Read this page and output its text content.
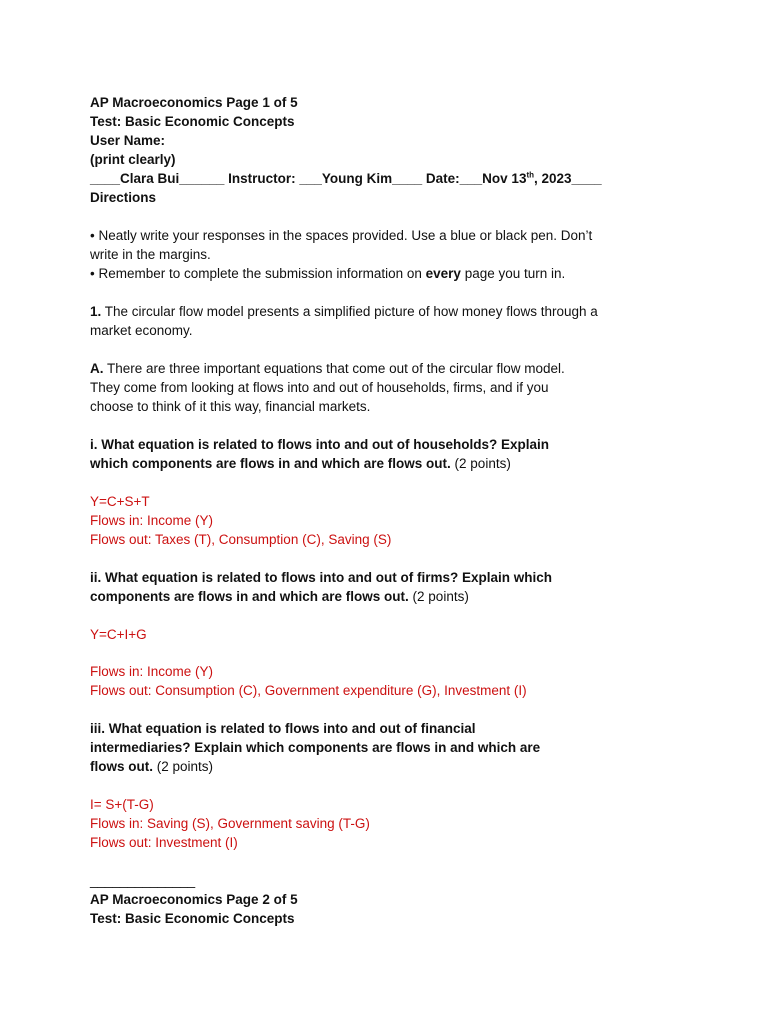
AP Macroeconomics Page 1 of 5
Test: Basic Economic Concepts
User Name:
(print clearly)
____Clara Bui______ Instructor: ___Young Kim____ Date:___Nov 13th, 2023____
Directions
• Neatly write your responses in the spaces provided. Use a blue or black pen. Don’t
write in the margins.
• Remember to complete the submission information on every page you turn in.
1. The circular flow model presents a simplified picture of how money flows through a
market economy.
A. There are three important equations that come out of the circular flow model.
They come from looking at flows into and out of households, firms, and if you
choose to think of it this way, financial markets.
i. What equation is related to flows into and out of households? Explain
which components are flows in and which are flows out. (2 points)
Y=C+S+T
Flows in: Income (Y)
Flows out: Taxes (T), Consumption (C), Saving (S)
ii. What equation is related to flows into and out of firms? Explain which
components are flows in and which are flows out. (2 points)
Y=C+I+G
Flows in: Income (Y)
Flows out: Consumption (C), Government expenditure (G), Investment (I)
iii. What equation is related to flows into and out of financial
intermediaries? Explain which components are flows in and which are
flows out. (2 points)
I= S+(T-G)
Flows in: Saving (S), Government saving (T-G)
Flows out: Investment (I)
______________
AP Macroeconomics Page 2 of 5
Test: Basic Economic Concepts
